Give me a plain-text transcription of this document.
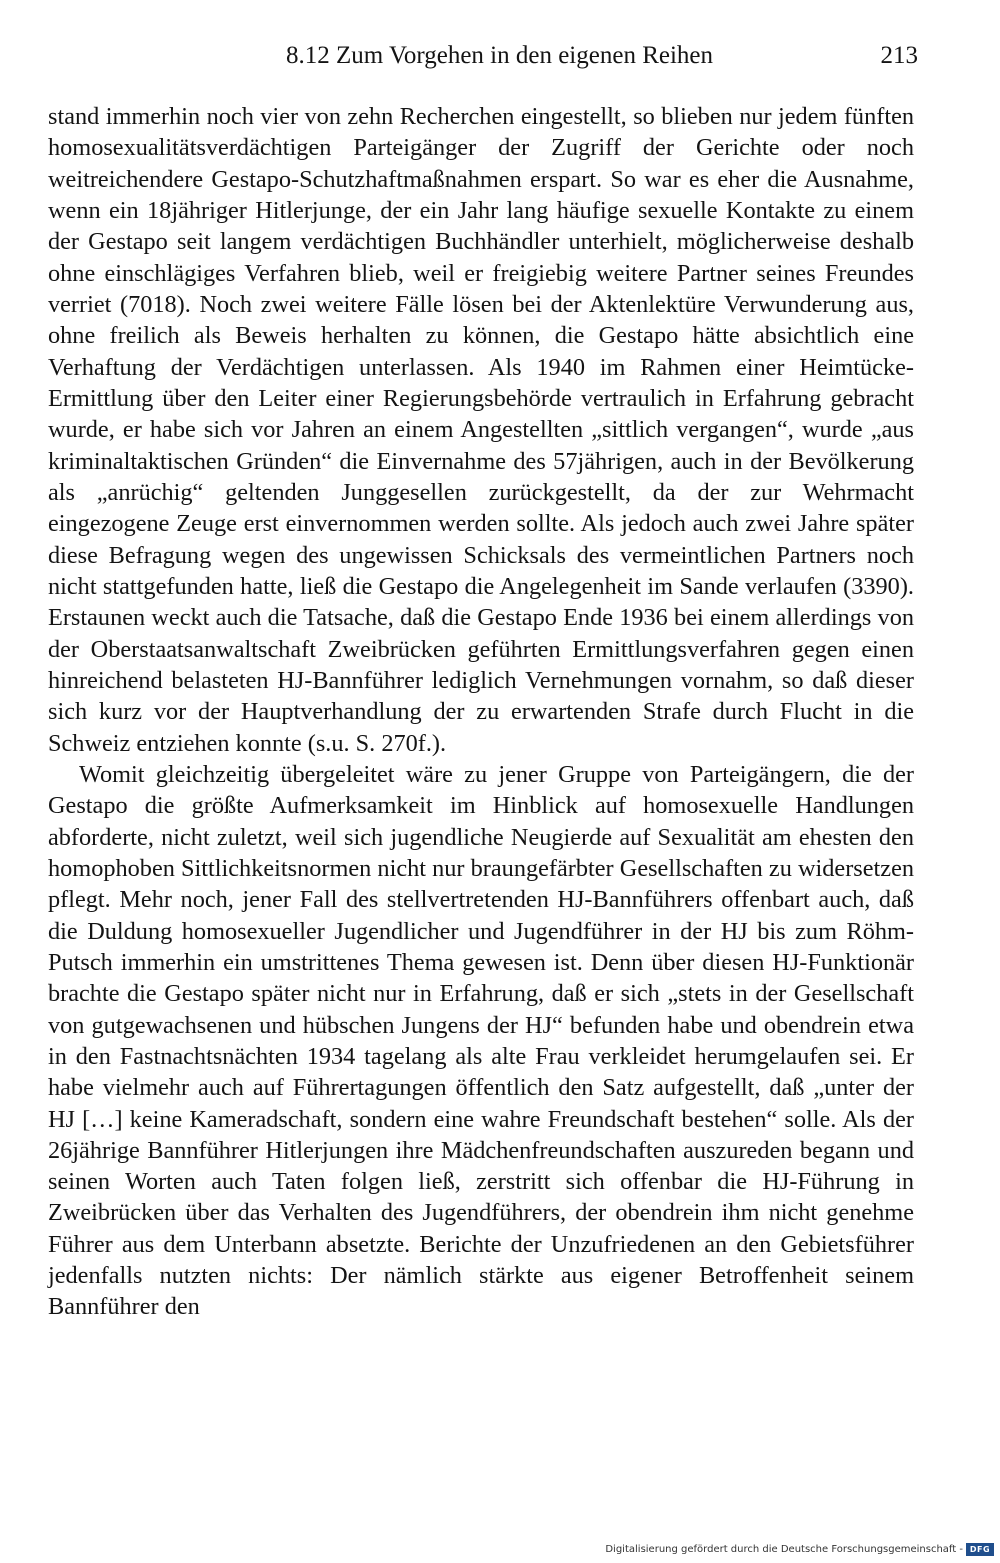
8.12 Zum Vorgehen in den eigenen Reihen	213

stand immerhin noch vier von zehn Recherchen eingestellt, so blieben nur jedem fünften homosexualitätsverdächtigen Parteigänger der Zugriff der Gerichte oder noch weitreichendere Gestapo-Schutzhaftmaßnahmen erspart. So war es eher die Ausnahme, wenn ein 18jähriger Hitlerjunge, der ein Jahr lang häufige sexuelle Kontakte zu einem der Gestapo seit langem verdächtigen Buchhändler unterhielt, möglicherweise deshalb ohne einschlägiges Verfahren blieb, weil er freigiebig weitere Partner seines Freundes verriet (7018). Noch zwei weitere Fälle lösen bei der Aktenlektüre Verwunderung aus, ohne freilich als Beweis herhalten zu können, die Gestapo hätte absichtlich eine Verhaftung der Verdächtigen unterlassen. Als 1940 im Rahmen einer Heimtücke-Ermittlung über den Leiter einer Regierungsbehörde vertraulich in Erfahrung gebracht wurde, er habe sich vor Jahren an einem Angestellten „sittlich vergangen“, wurde „aus kriminaltaktischen Gründen“ die Einvernahme des 57jährigen, auch in der Bevölkerung als „anrüchig“ geltenden Junggesellen zurückgestellt, da der zur Wehrmacht eingezogene Zeuge erst einvernommen werden sollte. Als jedoch auch zwei Jahre später diese Befragung wegen des ungewissen Schicksals des vermeintlichen Partners noch nicht stattgefunden hatte, ließ die Gestapo die Angelegenheit im Sande verlaufen (3390). Erstaunen weckt auch die Tatsache, daß die Gestapo Ende 1936 bei einem allerdings von der Oberstaatsanwaltschaft Zweibrücken geführten Ermittlungsverfahren gegen einen hinreichend belasteten HJ-Bannführer lediglich Vernehmungen vornahm, so daß dieser sich kurz vor der Hauptverhandlung der zu erwartenden Strafe durch Flucht in die Schweiz entziehen konnte (s.u. S. 270f.).

Womit gleichzeitig übergeleitet wäre zu jener Gruppe von Parteigängern, die der Gestapo die größte Aufmerksamkeit im Hinblick auf homosexuelle Handlungen abforderte, nicht zuletzt, weil sich jugendliche Neugierde auf Sexualität am ehesten den homophoben Sittlichkeitsnormen nicht nur braungefärbter Gesellschaften zu widersetzen pflegt. Mehr noch, jener Fall des stellvertretenden HJ-Bannführers offenbart auch, daß die Duldung homosexueller Jugendlicher und Jugendführer in der HJ bis zum Röhm-Putsch immerhin ein umstrittenes Thema gewesen ist. Denn über diesen HJ-Funktionär brachte die Gestapo später nicht nur in Erfahrung, daß er sich „stets in der Gesellschaft von gutgewachsenen und hübschen Jungens der HJ“ befunden habe und obendrein etwa in den Fastnachtsnächten 1934 tagelang als alte Frau verkleidet herumgelaufen sei. Er habe vielmehr auch auf Führertagungen öffentlich den Satz aufgestellt, daß „unter der HJ […] keine Kameradschaft, sondern eine wahre Freundschaft bestehen“ solle. Als der 26jährige Bannführer Hitlerjungen ihre Mädchenfreundschaften auszureden begann und seinen Worten auch Taten folgen ließ, zerstritt sich offenbar die HJ-Führung in Zweibrücken über das Verhalten des Jugendführers, der obendrein ihm nicht genehme Führer aus dem Unterbann absetzte. Berichte der Unzufriedenen an den Gebietsführer jedenfalls nutzten nichts: Der nämlich stärkte aus eigener Betroffenheit seinem Bannführer den

Digitalisierung gefördert durch die Deutsche Forschungsgemeinschaft - DFG
